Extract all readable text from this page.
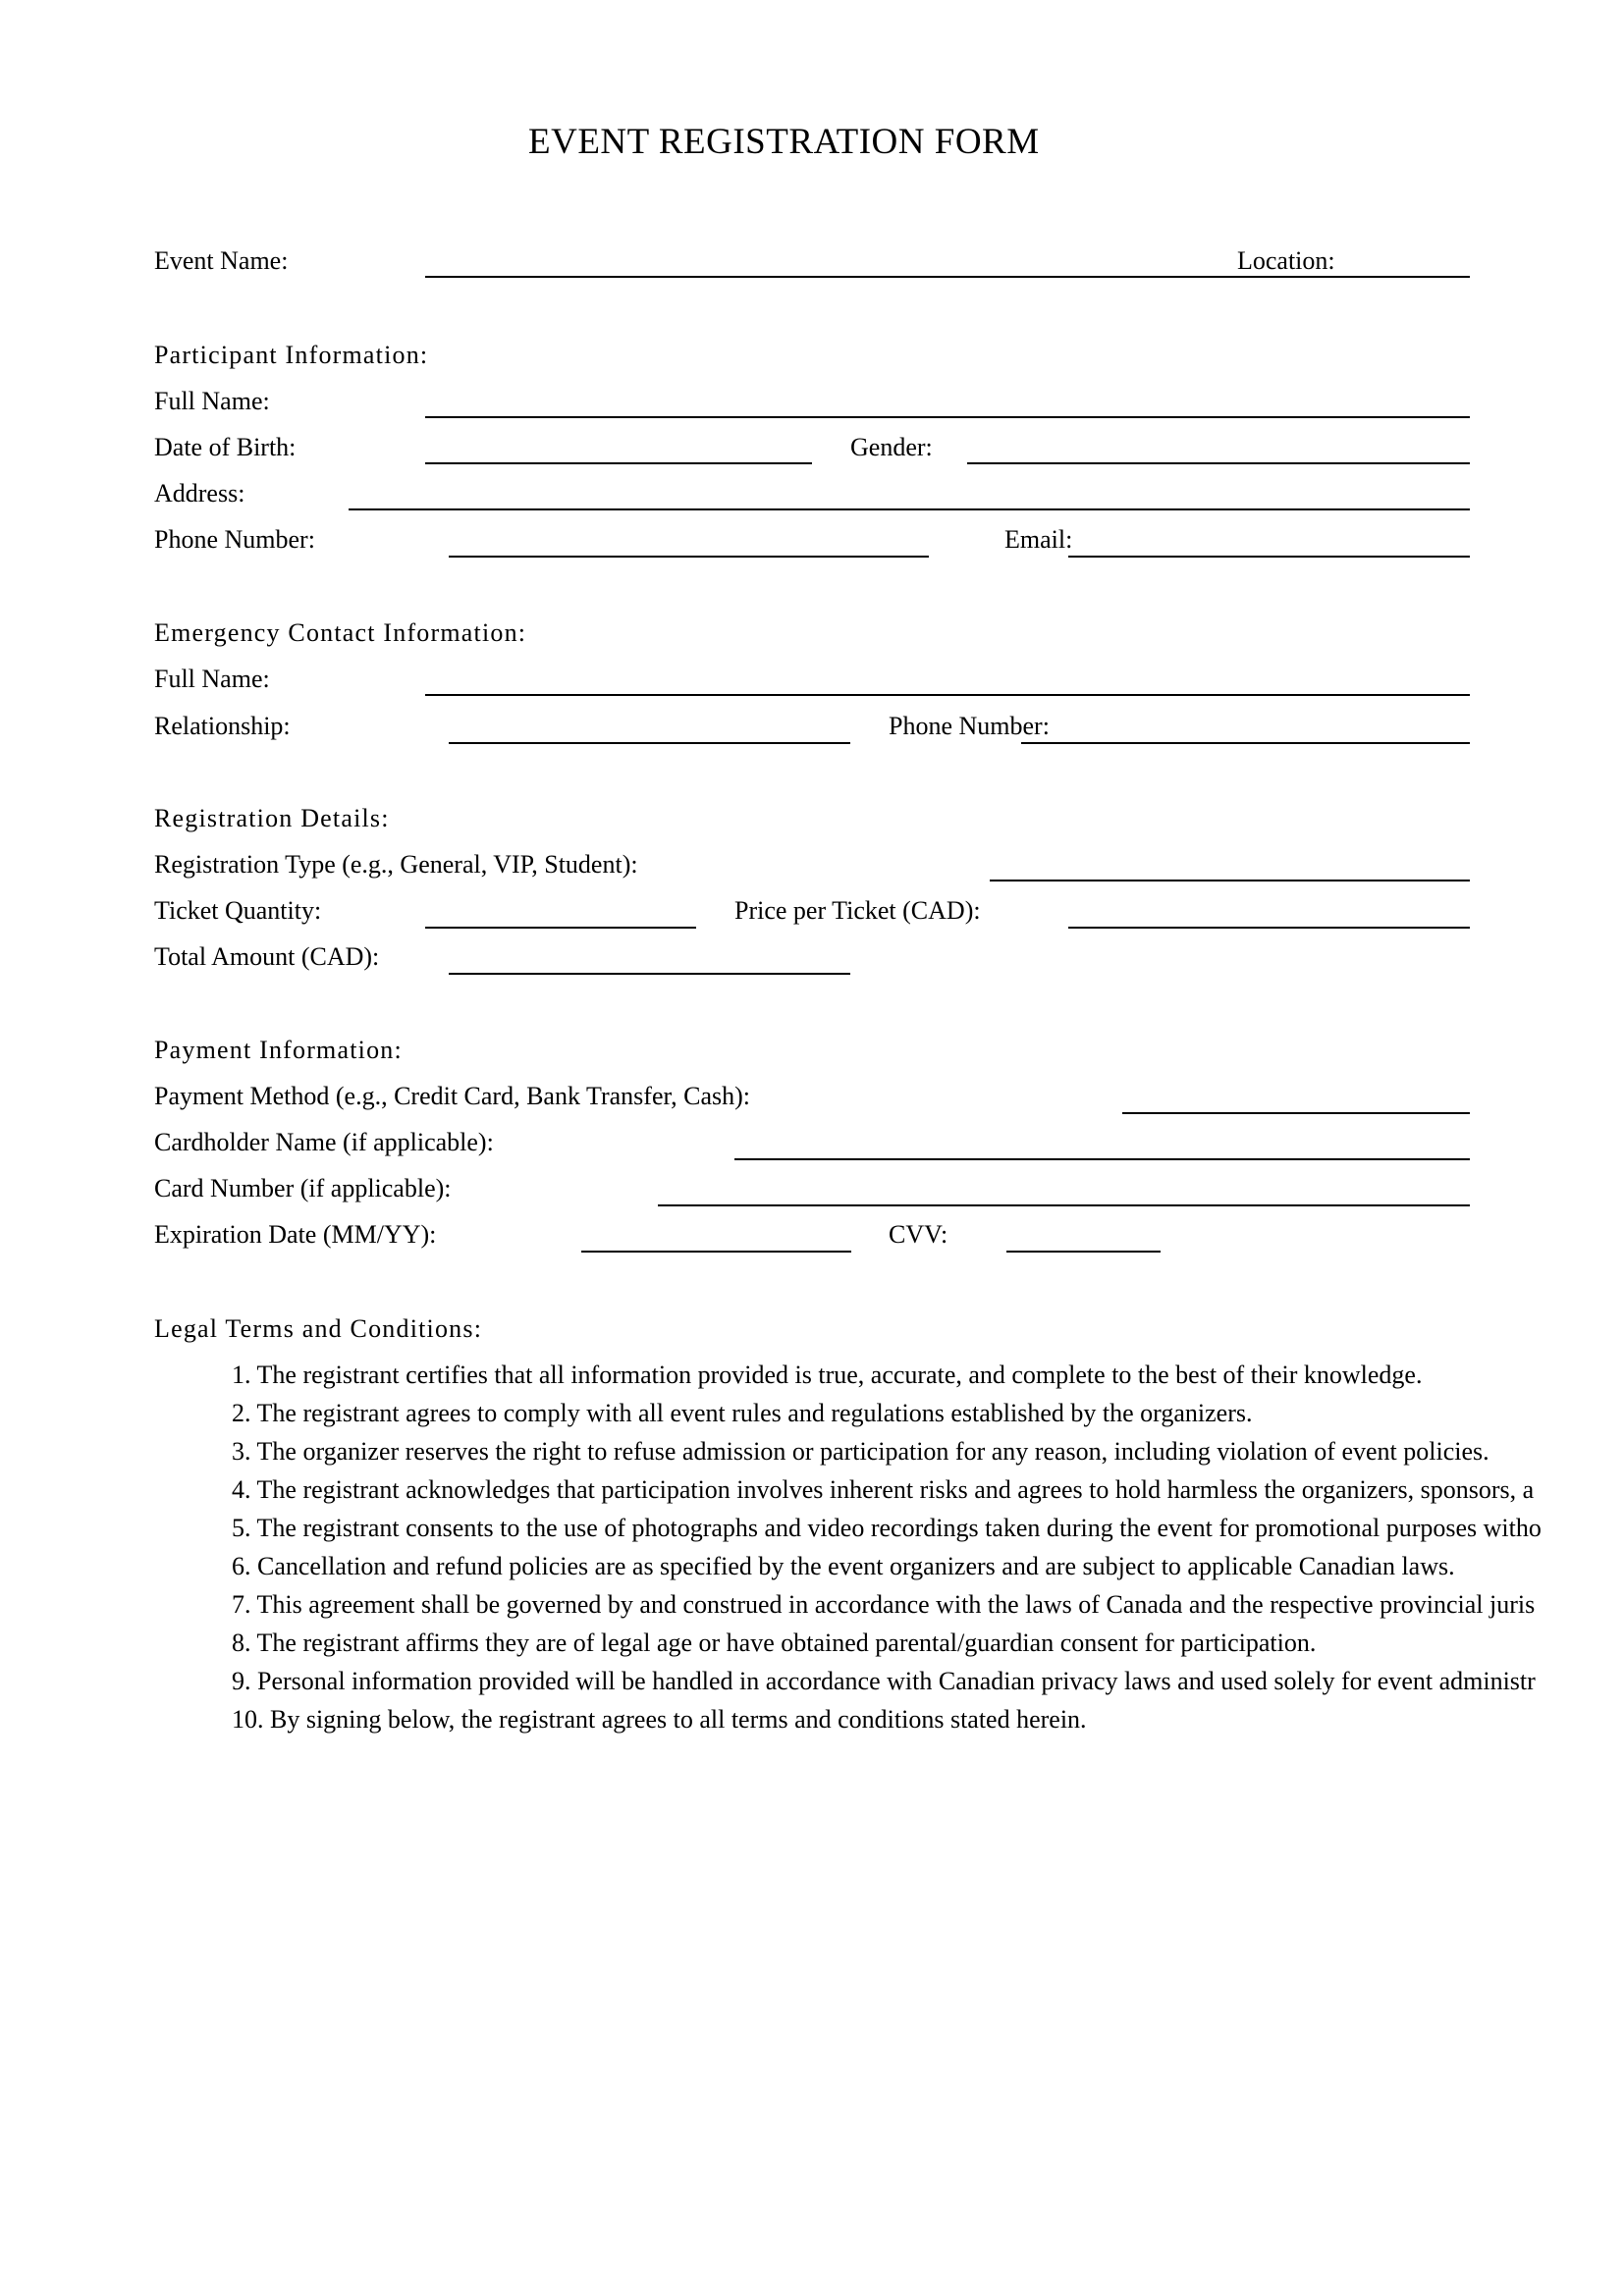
EVENT REGISTRATION FORM
Event Name:	Location:
Participant Information:
Full Name:
Date of Birth:	Gender:
Address:
Phone Number:	Email:
Emergency Contact Information:
Full Name:
Relationship:	Phone Number:
Registration Details:
Registration Type (e.g., General, VIP, Student):
Ticket Quantity:	Price per Ticket (CAD):
Total Amount (CAD):
Payment Information:
Payment Method (e.g., Credit Card, Bank Transfer, Cash):
Cardholder Name (if applicable):
Card Number (if applicable):
Expiration Date (MM/YY):	CVV:
Legal Terms and Conditions:
1. The registrant certifies that all information provided is true, accurate, and complete to the best of their knowledge.
2. The registrant agrees to comply with all event rules and regulations established by the organizers.
3. The organizer reserves the right to refuse admission or participation for any reason, including violation of event policies.
4. The registrant acknowledges that participation involves inherent risks and agrees to hold harmless the organizers, sponsors, a
5. The registrant consents to the use of photographs and video recordings taken during the event for promotional purposes witho
6. Cancellation and refund policies are as specified by the event organizers and are subject to applicable Canadian laws.
7. This agreement shall be governed by and construed in accordance with the laws of Canada and the respective provincial juris
8. The registrant affirms they are of legal age or have obtained parental/guardian consent for participation.
9. Personal information provided will be handled in accordance with Canadian privacy laws and used solely for event administr
10. By signing below, the registrant agrees to all terms and conditions stated herein.
